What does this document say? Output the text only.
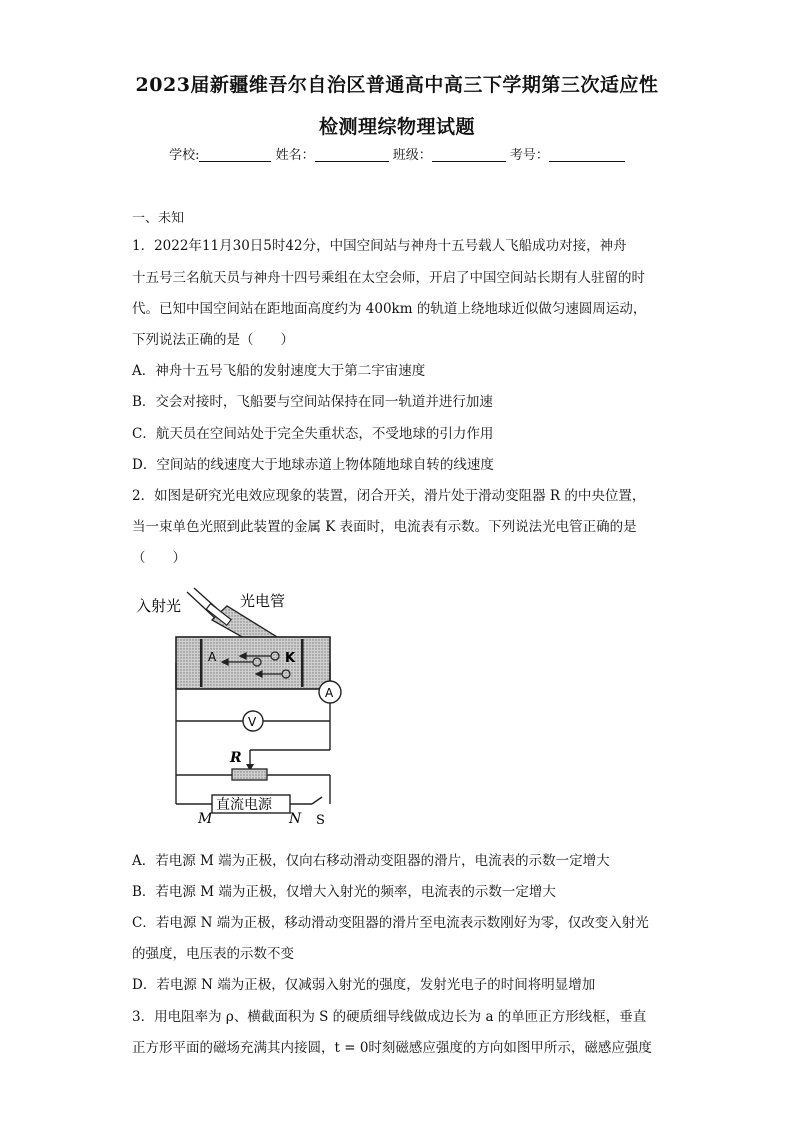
2023届新疆维吾尔自治区普通高中高三下学期第三次适应性
检测理综物理试题
学校:	姓名：	班级：	考号：
一、未知
1．2022年11月30日5时42分，中国空间站与神舟十五号载人飞船成功对接，神舟
十五号三名航天员与神舟十四号乘组在太空会师，开启了中国空间站长期有人驻留的时
代。已知中国空间站在距地面高度约为 400km 的轨道上绕地球近似做匀速圆周运动，
下列说法正确的是（　　）
A．神舟十五号飞船的发射速度大于第二宇宙速度
B．交会对接时，飞船要与空间站保持在同一轨道并进行加速
C．航天员在空间站处于完全失重状态，不受地球的引力作用
D．空间站的线速度大于地球赤道上物体随地球自转的线速度
2．如图是研究光电效应现象的装置，闭合开关，滑片处于滑动变阻器 R 的中央位置，
当一束单色光照到此装置的金属 K 表面时，电流表有示数。下列说法光电管正确的是
（　　）
入射光	光电管
A	K
A
V
R
直流电源
M	N S
A．若电源 M 端为正极，仅向右移动滑动变阻器的滑片，电流表的示数一定增大
B．若电源 M 端为正极，仅增大入射光的频率，电流表的示数一定增大
C．若电源 N 端为正极，移动滑动变阻器的滑片至电流表示数刚好为零，仅改变入射光
的强度，电压表的示数不变
D．若电源 N 端为正极，仅减弱入射光的强度，发射光电子的时间将明显增加
3．用电阻率为 ρ、横截面积为 S 的硬质细导线做成边长为 a 的单匝正方形线框，垂直
正方形平面的磁场充满其内接圆，t = 0时刻磁感应强度的方向如图甲所示，磁感应强度
